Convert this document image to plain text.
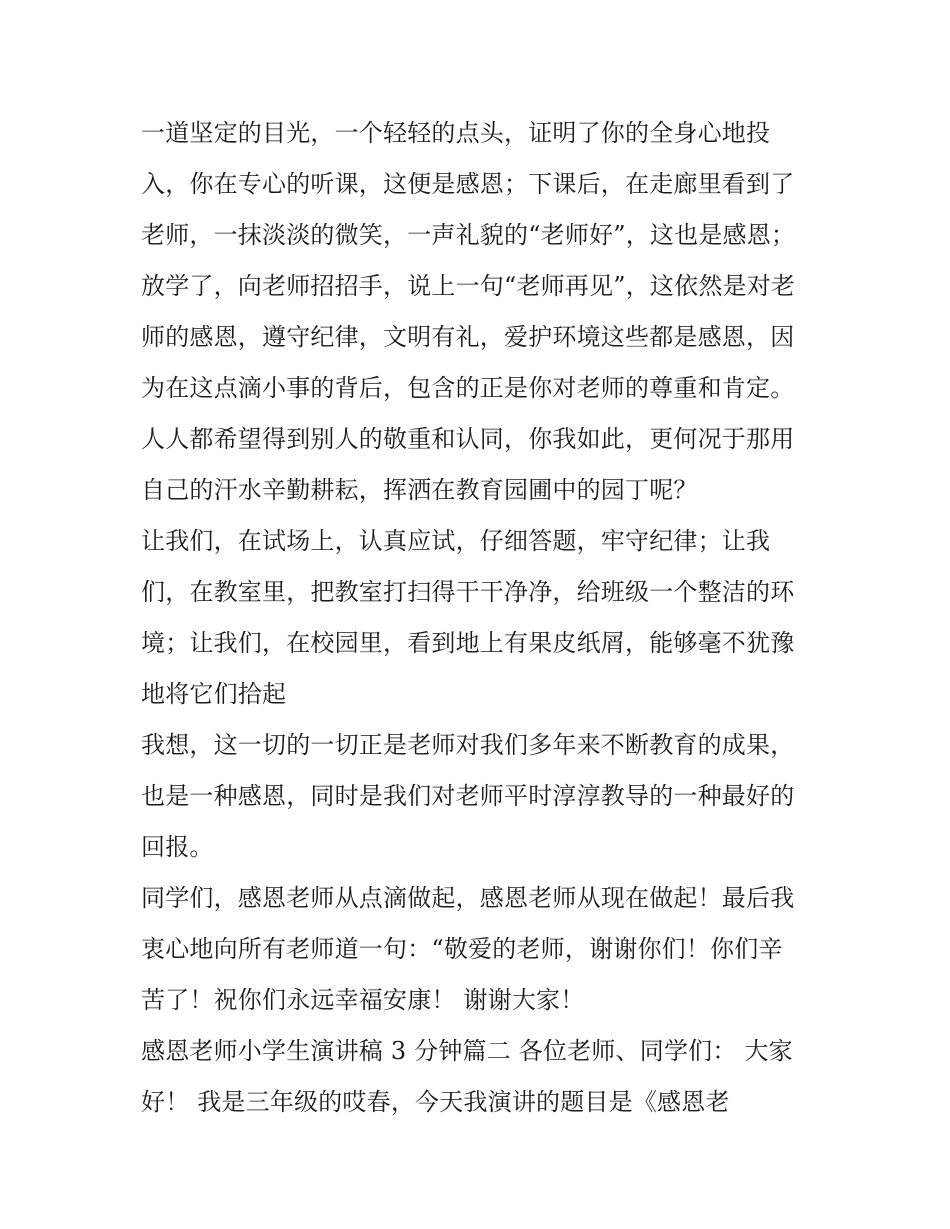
一道坚定的目光，一个轻轻的点头，证明了你的全身心地投
入，你在专心的听课，这便是感恩；下课后，在走廊里看到了
老师，一抹淡淡的微笑，一声礼貌的“老师好”，这也是感恩；
放学了，向老师招招手，说上一句“老师再见”，这依然是对老
师的感恩，遵守纪律，文明有礼，爱护环境这些都是感恩，因
为在这点滴小事的背后，包含的正是你对老师的尊重和肯定。
人人都希望得到别人的敬重和认同，你我如此，更何况于那用
自己的汗水辛勤耕耘，挥洒在教育园圃中的园丁呢？
让我们，在试场上，认真应试，仔细答题，牢守纪律；让我
们，在教室里，把教室打扫得干干净净，给班级一个整洁的环
境；让我们，在校园里，看到地上有果皮纸屑，能够毫不犹豫
地将它们拾起
我想，这一切的一切正是老师对我们多年来不断教育的成果，
也是一种感恩，同时是我们对老师平时淳淳教导的一种最好的
回报。
同学们，感恩老师从点滴做起，感恩老师从现在做起！最后我
衷心地向所有老师道一句：“敬爱的老师，谢谢你们！你们辛
苦了！祝你们永远幸福安康！ 谢谢大家！
感恩老师小学生演讲稿 3 分钟篇二 各位老师、同学们： 大家
好！ 我是三年级的哎春，今天我演讲的题目是《感恩老
